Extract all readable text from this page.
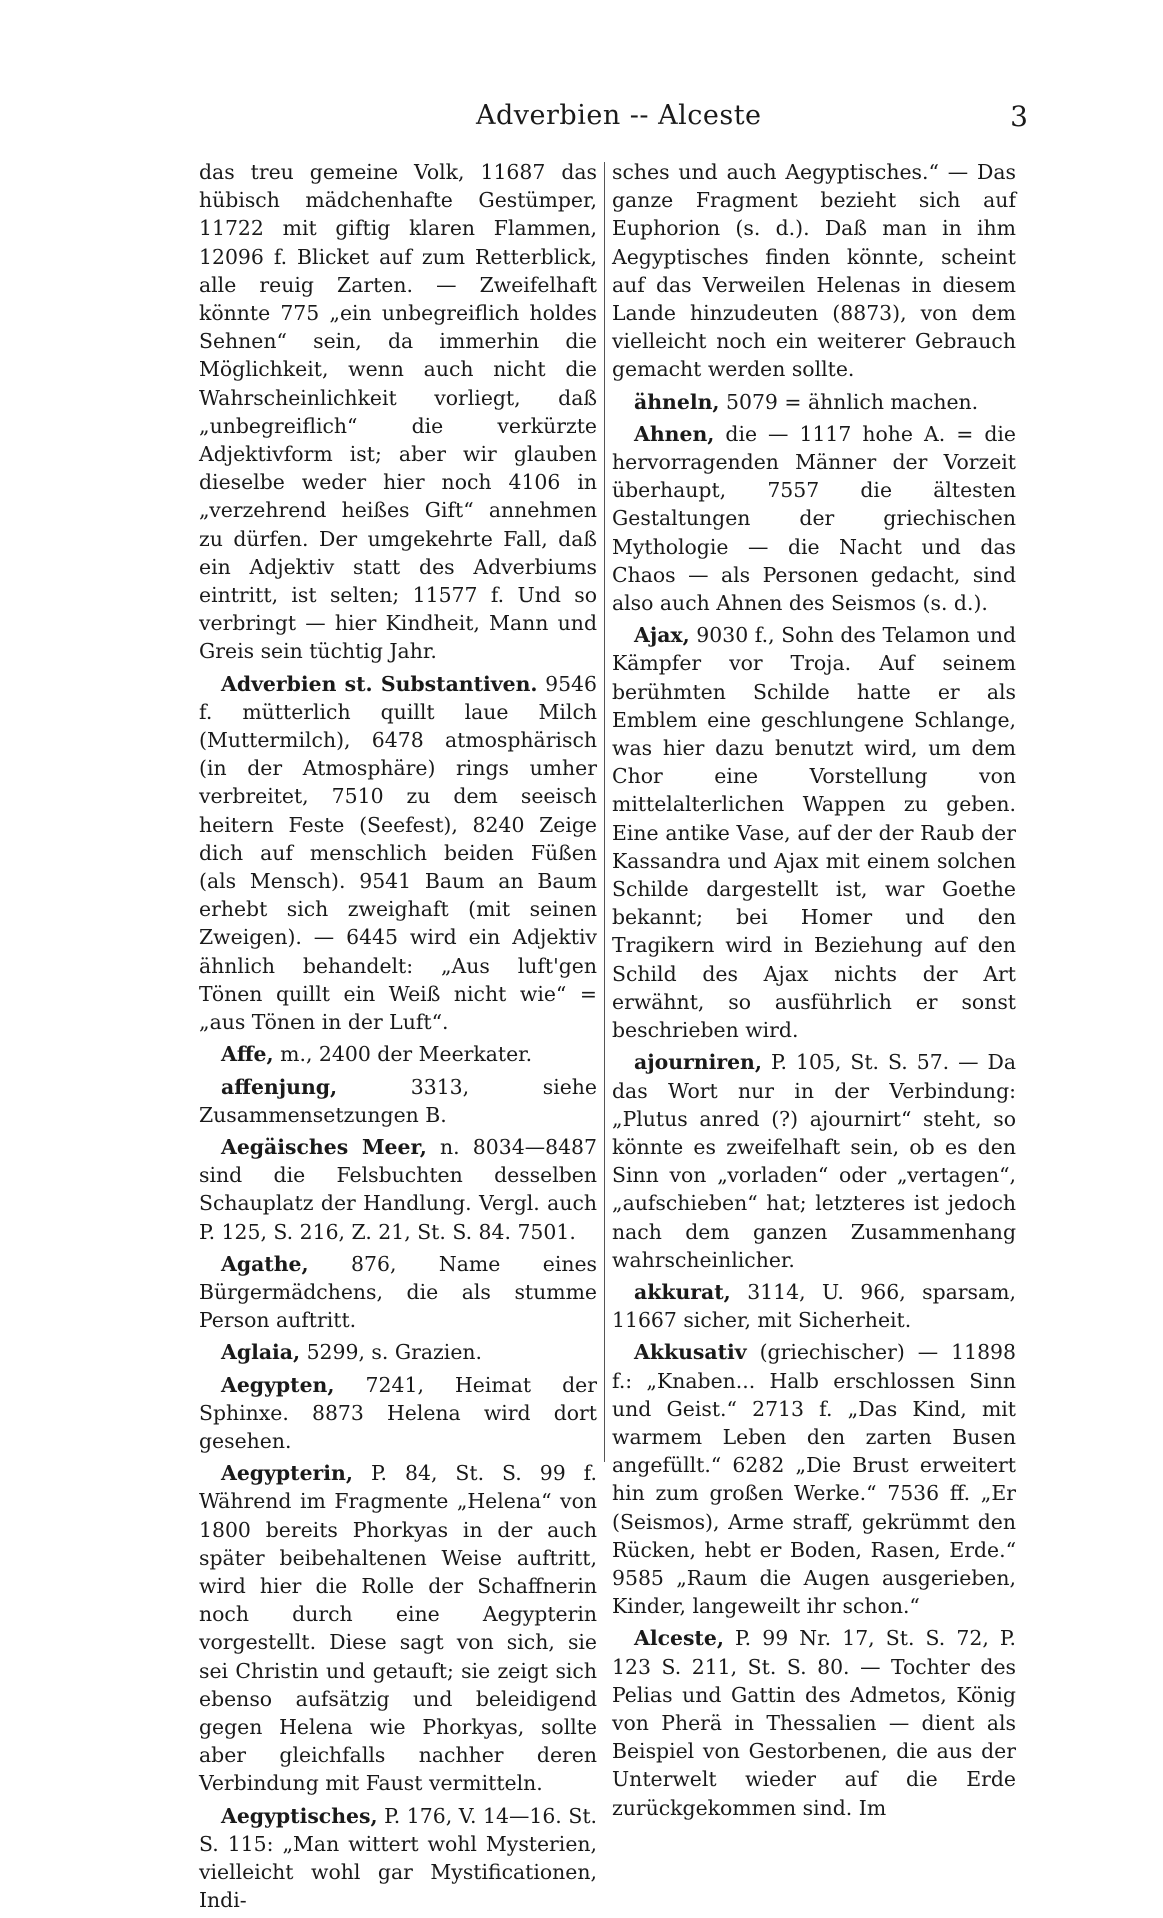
Adverbien -- Alceste	3

das treu gemeine Volk, 11687 das hübisch mädchenhafte Gestümper, 11722 mit giftig klaren Flammen, 12096 f. Blicket auf zum Retterblick, alle reuig Zarten. — Zweifelhaft könnte 775 „ein unbegreiflich holdes Sehnen“ sein, da immerhin die Möglichkeit, wenn auch nicht die Wahrscheinlichkeit vorliegt, daß „unbegreiflich“ die verkürzte Adjektivform ist; aber wir glauben dieselbe weder hier noch 4106 in „verzehrend heißes Gift“ annehmen zu dürfen. Der umgekehrte Fall, daß ein Adjektiv statt des Adverbiums eintritt, ist selten; 11577 f. Und so verbringt — hier Kindheit, Mann und Greis sein tüchtig Jahr.

Adverbien st. Substantiven. 9546 f. mütterlich quillt laue Milch (Muttermilch), 6478 atmosphärisch (in der Atmosphäre) rings umher verbreitet, 7510 zu dem seeisch heitern Feste (Seefest), 8240 Zeige dich auf menschlich beiden Füßen (als Mensch). 9541 Baum an Baum erhebt sich zweighaft (mit seinen Zweigen). — 6445 wird ein Adjektiv ähnlich behandelt: „Aus luft'gen Tönen quillt ein Weiß nicht wie“ = „aus Tönen in der Luft“.

Affe, m., 2400 der Meerkater.

affenjung, 3313, siehe Zusammensetzungen B.

Aegäisches Meer, n. 8034—8487 sind die Felsbuchten desselben Schauplatz der Handlung. Vergl. auch P. 125, S. 216, Z. 21, St. S. 84. 7501.

Agathe, 876, Name eines Bürgermädchens, die als stumme Person auftritt.

Aglaia, 5299, s. Grazien.

Aegypten, 7241, Heimat der Sphinxe. 8873 Helena wird dort gesehen.

Aegypterin, P. 84, St. S. 99 f. Während im Fragmente „Helena“ von 1800 bereits Phorkyas in der auch später beibehaltenen Weise auftritt, wird hier die Rolle der Schaffnerin noch durch eine Aegypterin vorgestellt. Diese sagt von sich, sie sei Christin und getauft; sie zeigt sich ebenso aufsätzig und beleidigend gegen Helena wie Phorkyas, sollte aber gleichfalls nachher deren Verbindung mit Faust vermitteln.

Aegyptisches, P. 176, V. 14—16. St. S. 115: „Man wittert wohl Mysterien, vielleicht wohl gar Mystificationen, Indi-

sches und auch Aegyptisches.“ — Das ganze Fragment bezieht sich auf Euphorion (s. d.). Daß man in ihm Aegyptisches finden könnte, scheint auf das Verweilen Helenas in diesem Lande hinzudeuten (8873), von dem vielleicht noch ein weiterer Gebrauch gemacht werden sollte.

ähneln, 5079 = ähnlich machen.

Ahnen, die — 1117 hohe A. = die hervorragenden Männer der Vorzeit überhaupt, 7557 die ältesten Gestaltungen der griechischen Mythologie — die Nacht und das Chaos — als Personen gedacht, sind also auch Ahnen des Seismos (s. d.).

Ajax, 9030 f., Sohn des Telamon und Kämpfer vor Troja. Auf seinem berühmten Schilde hatte er als Emblem eine geschlungene Schlange, was hier dazu benutzt wird, um dem Chor eine Vorstellung von mittelalterlichen Wappen zu geben. Eine antike Vase, auf der der Raub der Kassandra und Ajax mit einem solchen Schilde dargestellt ist, war Goethe bekannt; bei Homer und den Tragikern wird in Beziehung auf den Schild des Ajax nichts der Art erwähnt, so ausführlich er sonst beschrieben wird.

ajourniren, P. 105, St. S. 57. — Da das Wort nur in der Verbindung: „Plutus anred (?) ajournirt“ steht, so könnte es zweifelhaft sein, ob es den Sinn von „vorladen“ oder „vertagen“, „aufschieben“ hat; letzteres ist jedoch nach dem ganzen Zusammenhang wahrscheinlicher.

akkurat, 3114, U. 966, sparsam, 11667 sicher, mit Sicherheit.

Akkusativ (griechischer) — 11898 f.: „Knaben... Halb erschlossen Sinn und Geist.“ 2713 f. „Das Kind, mit warmem Leben den zarten Busen angefüllt.“ 6282 „Die Brust erweitert hin zum großen Werke.“ 7536 ff. „Er (Seismos), Arme straff, gekrümmt den Rücken, hebt er Boden, Rasen, Erde.“ 9585 „Raum die Augen ausgerieben, Kinder, langeweilt ihr schon.“

Alceste, P. 99 Nr. 17, St. S. 72, P. 123 S. 211, St. S. 80. — Tochter des Pelias und Gattin des Admetos, König von Pherä in Thessalien — dient als Beispiel von Gestorbenen, die aus der Unterwelt wieder auf die Erde zurückgekommen sind. Im
